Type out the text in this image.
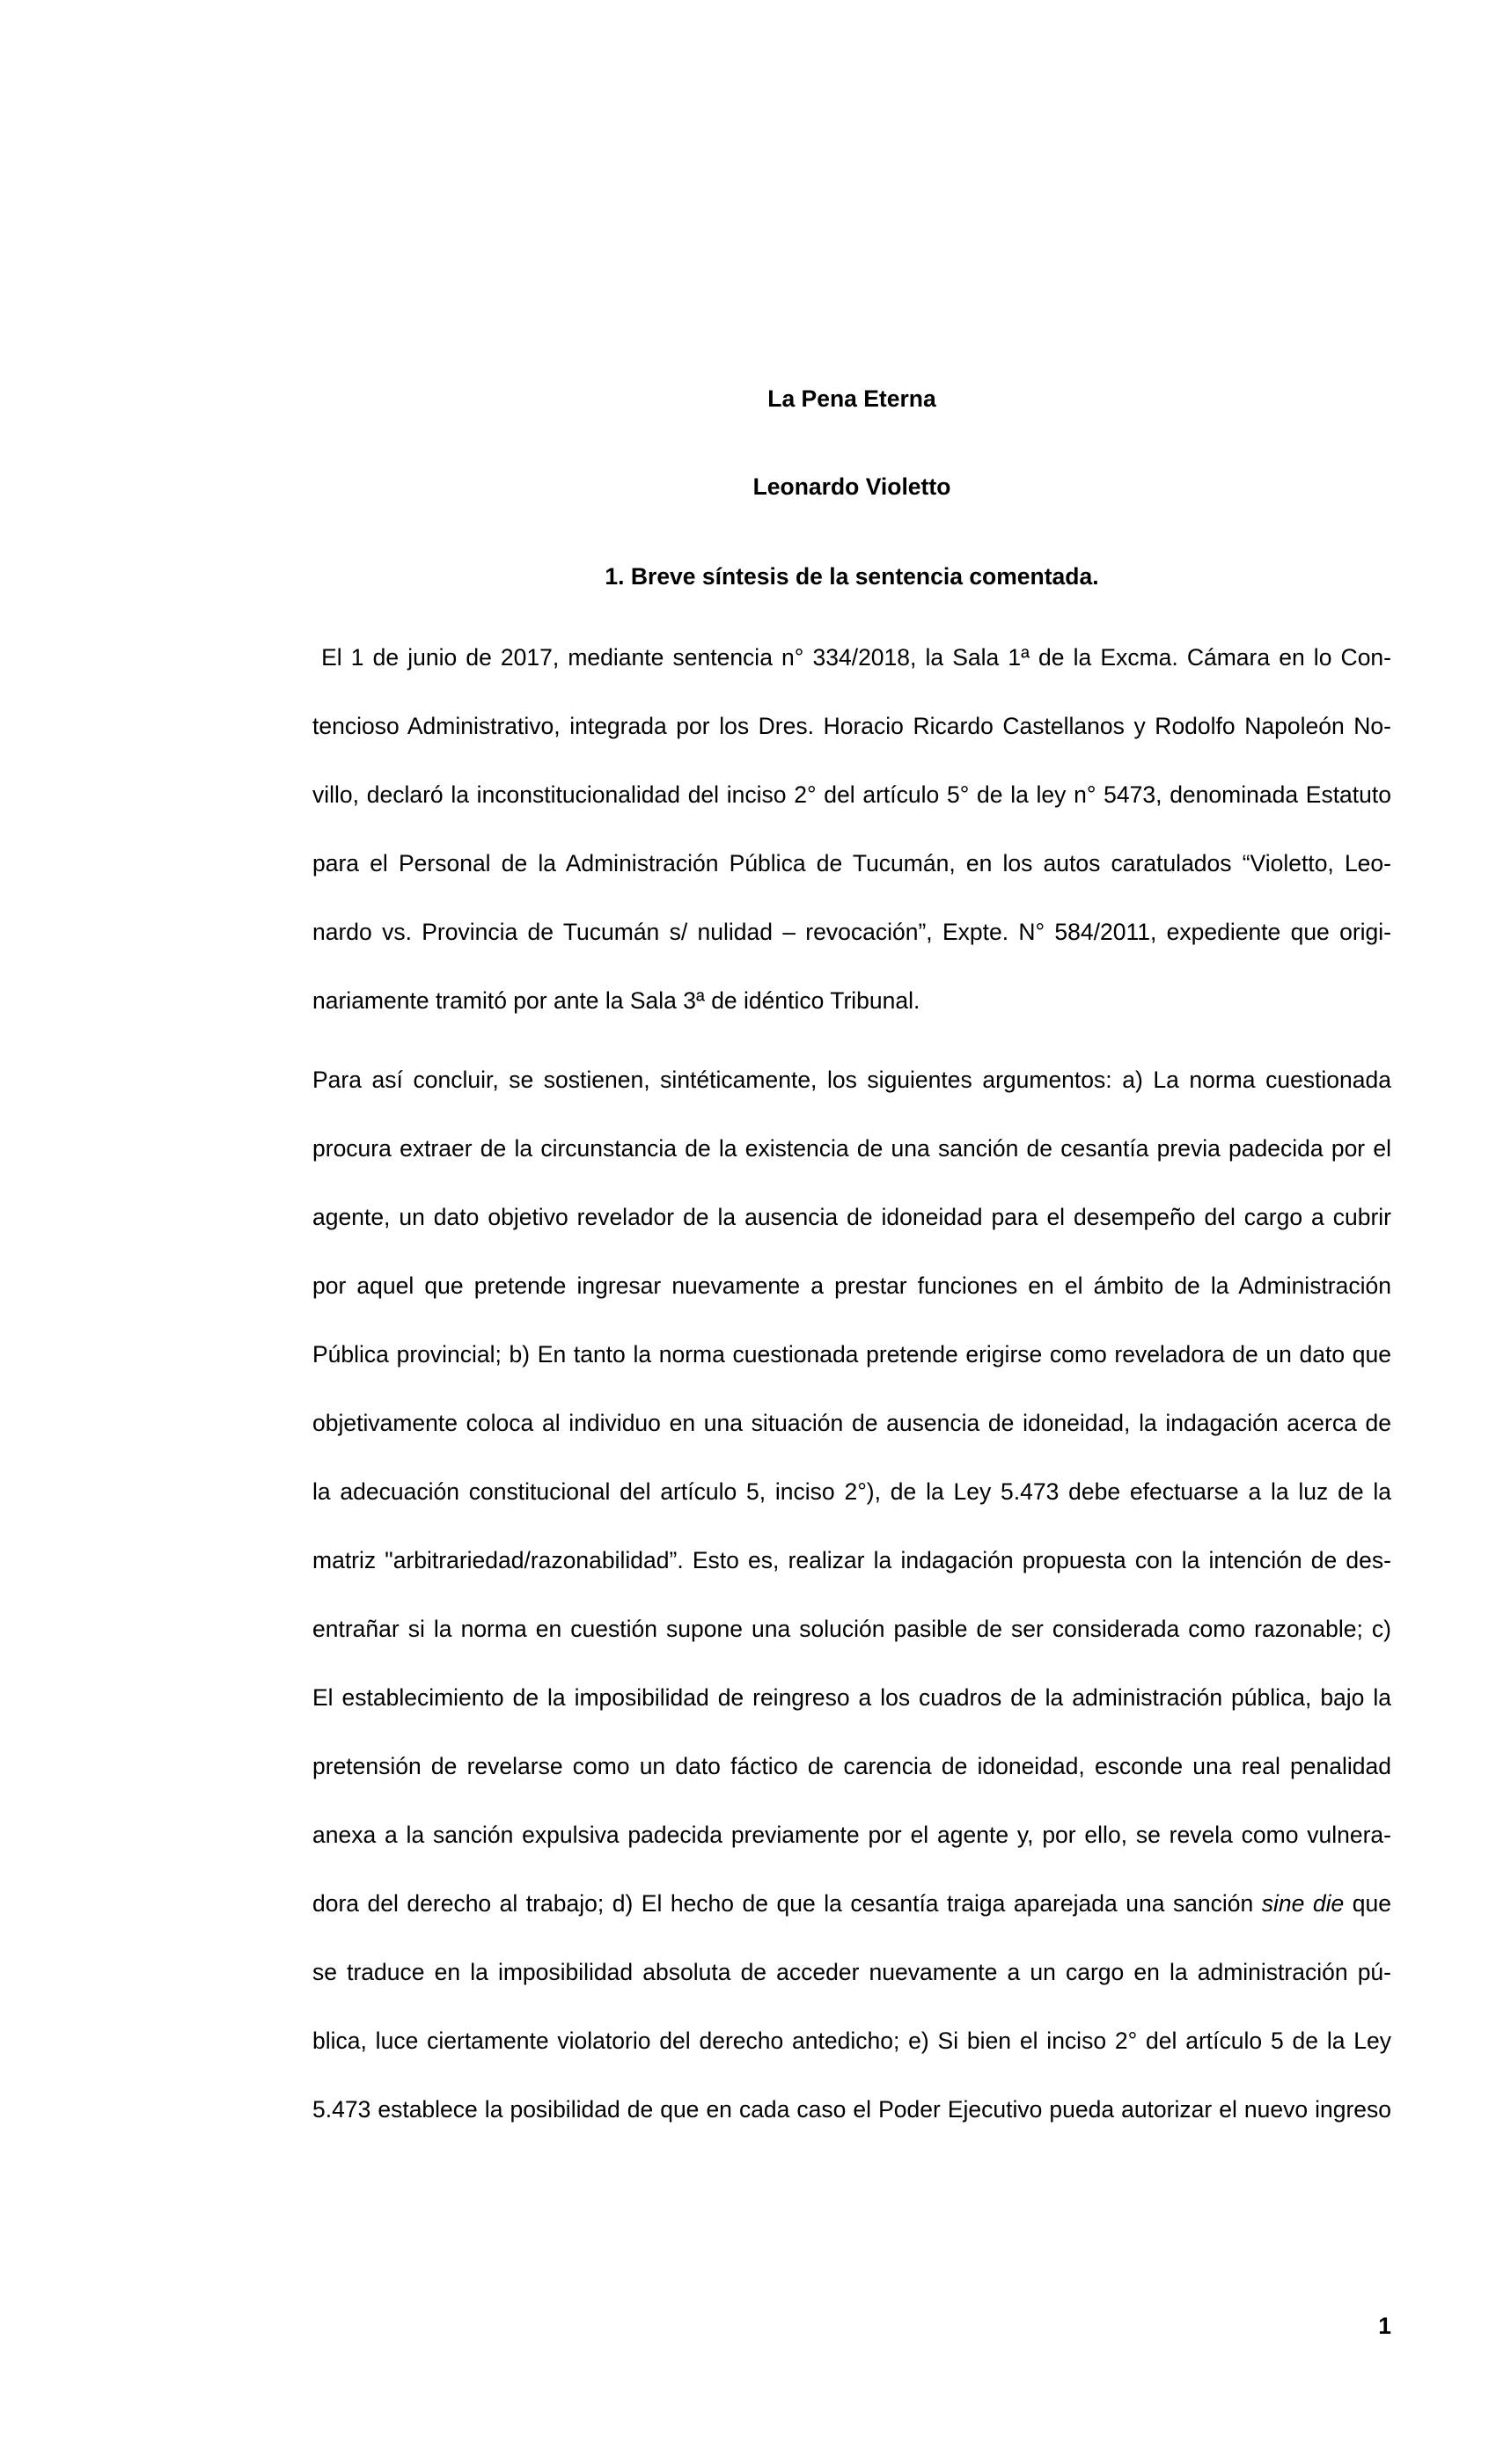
La Pena Eterna
Leonardo Violetto
1. Breve síntesis de la sentencia comentada.
El 1 de junio de 2017, mediante sentencia n° 334/2018, la Sala 1ª de la Excma. Cámara en lo Con-
tencioso Administrativo, integrada por los Dres. Horacio Ricardo Castellanos y Rodolfo Napoleón No-
villo, declaró la inconstitucionalidad del inciso 2° del artículo 5° de la ley n° 5473, denominada Estatuto
para el Personal de la Administración Pública de Tucumán, en los autos caratulados “Violetto, Leo-
nardo vs. Provincia de Tucumán s/ nulidad – revocación”, Expte. N° 584/2011, expediente que origi-
nariamente tramitó por ante la Sala 3ª de idéntico Tribunal.
Para así concluir, se sostienen, sintéticamente, los siguientes argumentos: a) La norma cuestionada
procura extraer de la circunstancia de la existencia de una sanción de cesantía previa padecida por el
agente, un dato objetivo revelador de la ausencia de idoneidad para el desempeño del cargo a cubrir
por aquel que pretende ingresar nuevamente a prestar funciones en el ámbito de la Administración
Pública provincial; b) En tanto la norma cuestionada pretende erigirse como reveladora de un dato que
objetivamente coloca al individuo en una situación de ausencia de idoneidad, la indagación acerca de
la adecuación constitucional del artículo 5, inciso 2°), de la Ley 5.473 debe efectuarse a la luz de la
matriz "arbitrariedad/razonabilidad”. Esto es, realizar la indagación propuesta con la intención de des-
entrañar si la norma en cuestión supone una solución pasible de ser considerada como razonable; c)
El establecimiento de la imposibilidad de reingreso a los cuadros de la administración pública, bajo la
pretensión de revelarse como un dato fáctico de carencia de idoneidad, esconde una real penalidad
anexa a la sanción expulsiva padecida previamente por el agente y, por ello, se revela como vulnera-
dora del derecho al trabajo; d) El hecho de que la cesantía traiga aparejada una sanción sine die que
se traduce en la imposibilidad absoluta de acceder nuevamente a un cargo en la administración pú-
blica, luce ciertamente violatorio del derecho antedicho; e) Si bien el inciso 2° del artículo 5 de la Ley
5.473 establece la posibilidad de que en cada caso el Poder Ejecutivo pueda autorizar el nuevo ingreso
1
